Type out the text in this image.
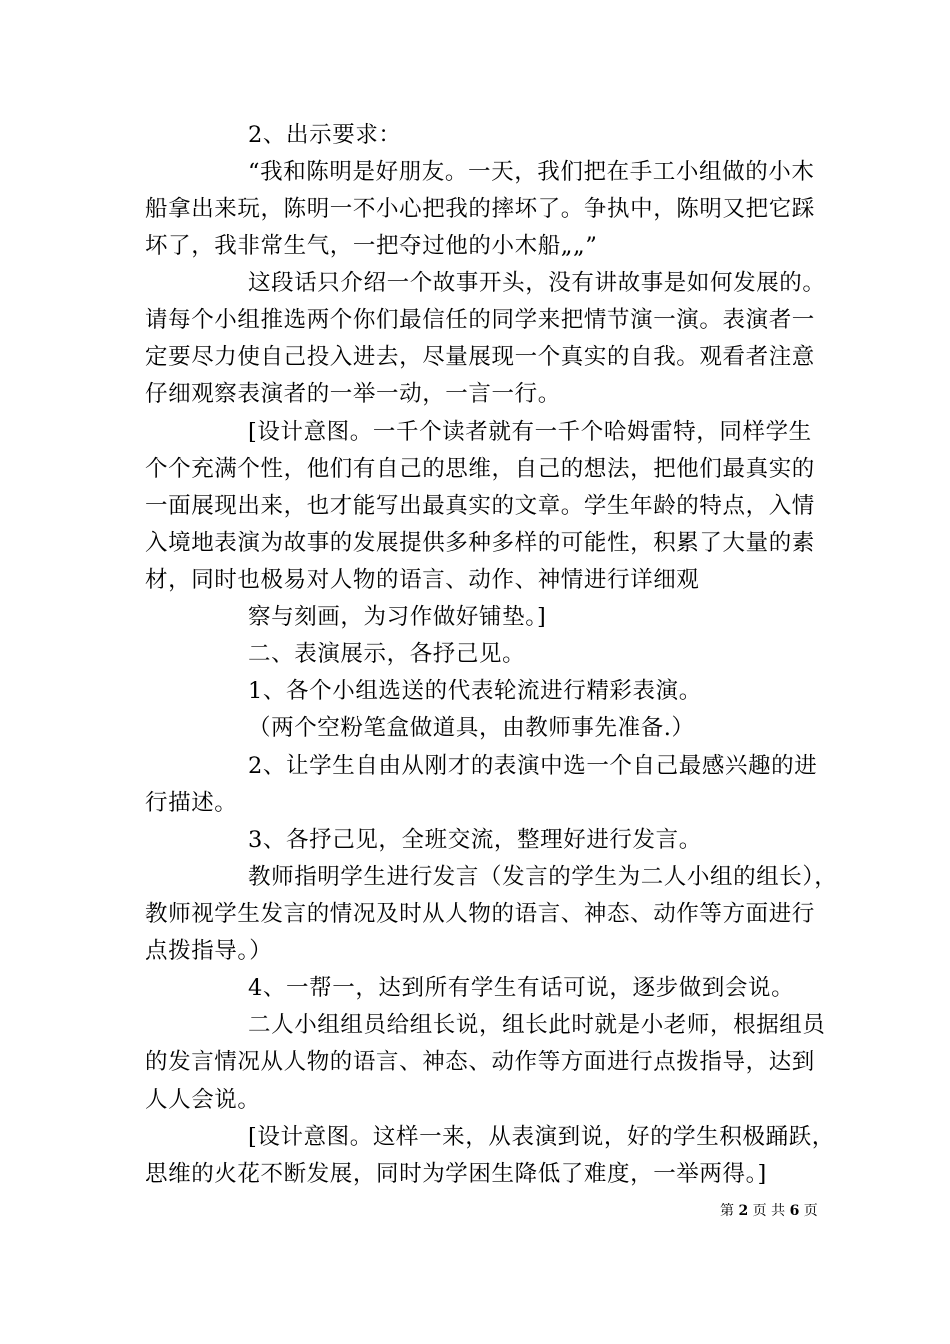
2、出示要求：
“我和陈明是好朋友。一天，我们把在手工小组做的小木
船拿出来玩，陈明一不小心把我的摔坏了。争执中，陈明又把它踩
坏了，我非常生气，一把夺过他的小木船„„”
这段话只介绍一个故事开头，没有讲故事是如何发展的。
请每个小组推选两个你们最信任的同学来把情节演一演。表演者一
定要尽力使自己投入进去，尽量展现一个真实的自我。观看者注意
仔细观察表演者的一举一动，一言一行。
[设计意图。一千个读者就有一千个哈姆雷特，同样学生
个个充满个性，他们有自己的思维，自己的想法，把他们最真实的
一面展现出来，也才能写出最真实的文章。学生年龄的特点，入情
入境地表演为故事的发展提供多种多样的可能性，积累了大量的素
材，同时也极易对人物的语言、动作、神情进行详细观
察与刻画，为习作做好铺垫。]
二、表演展示，各抒己见。
1、各个小组选送的代表轮流进行精彩表演。
（两个空粉笔盒做道具，由教师事先准备.）
2、让学生自由从刚才的表演中选一个自己最感兴趣的进
行描述。
3、各抒己见，全班交流，整理好进行发言。
教师指明学生进行发言（发言的学生为二人小组的组长），
教师视学生发言的情况及时从人物的语言、神态、动作等方面进行
点拨指导。）
4、一帮一，达到所有学生有话可说，逐步做到会说。
二人小组组员给组长说，组长此时就是小老师，根据组员
的发言情况从人物的语言、神态、动作等方面进行点拨指导，达到
人人会说。
[设计意图。这样一来，从表演到说，好的学生积极踊跃，
思维的火花不断发展，同时为学困生降低了难度，一举两得。]
第 2 页 共 6 页
